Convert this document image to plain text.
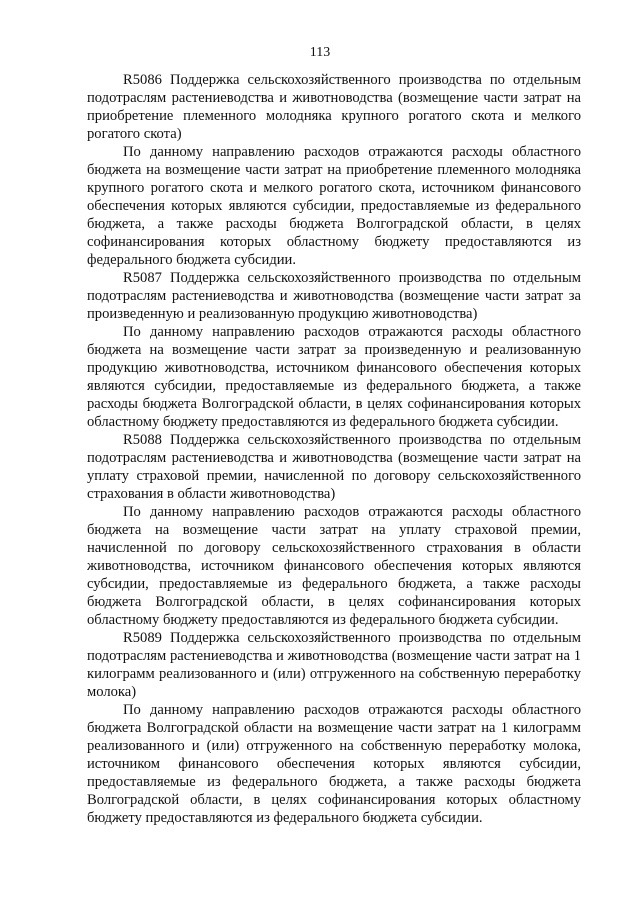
113

R5086 Поддержка сельскохозяйственного производства по отдельным подотраслям растениеводства и животноводства (возмещение части затрат на приобретение племенного молодняка крупного рогатого скота и мелкого рогатого скота)

По данному направлению расходов отражаются расходы областного бюджета на возмещение части затрат на приобретение племенного молодняка крупного рогатого скота и мелкого рогатого скота, источником финансового обеспечения которых являются субсидии, предоставляемые из федерального бюджета, а также расходы бюджета Волгоградской области, в целях софинансирования которых областному бюджету предоставляются из федерального бюджета субсидии.

R5087 Поддержка сельскохозяйственного производства по отдельным подотраслям растениеводства и животноводства (возмещение части затрат за произведенную и реализованную продукцию животноводства)

По данному направлению расходов отражаются расходы областного бюджета на возмещение части затрат за произведенную и реализованную продукцию животноводства, источником финансового обеспечения которых являются субсидии, предоставляемые из федерального бюджета, а также расходы бюджета Волгоградской области, в целях софинансирования которых областному бюджету предоставляются из федерального бюджета субсидии.

R5088 Поддержка сельскохозяйственного производства по отдельным подотраслям растениеводства и животноводства (возмещение части затрат на уплату страховой премии, начисленной по договору сельскохозяйственного страхования в области животноводства)

По данному направлению расходов отражаются расходы областного бюджета на возмещение части затрат на уплату страховой премии, начисленной по договору сельскохозяйственного страхования в области животноводства, источником финансового обеспечения которых являются субсидии, предоставляемые из федерального бюджета, а также расходы бюджета Волгоградской области, в целях софинансирования которых областному бюджету предоставляются из федерального бюджета субсидии.

R5089 Поддержка сельскохозяйственного производства по отдельным подотраслям растениеводства и животноводства (возмещение части затрат на 1 килограмм реализованного и (или) отгруженного на собственную переработку молока)

По данному направлению расходов отражаются расходы областного бюджета Волгоградской области на возмещение части затрат на 1 килограмм реализованного и (или) отгруженного на собственную переработку молока, источником финансового обеспечения которых являются субсидии, предоставляемые из федерального бюджета, а также расходы бюджета Волгоградской области, в целях софинансирования которых областному бюджету предоставляются из федерального бюджета субсидии.
